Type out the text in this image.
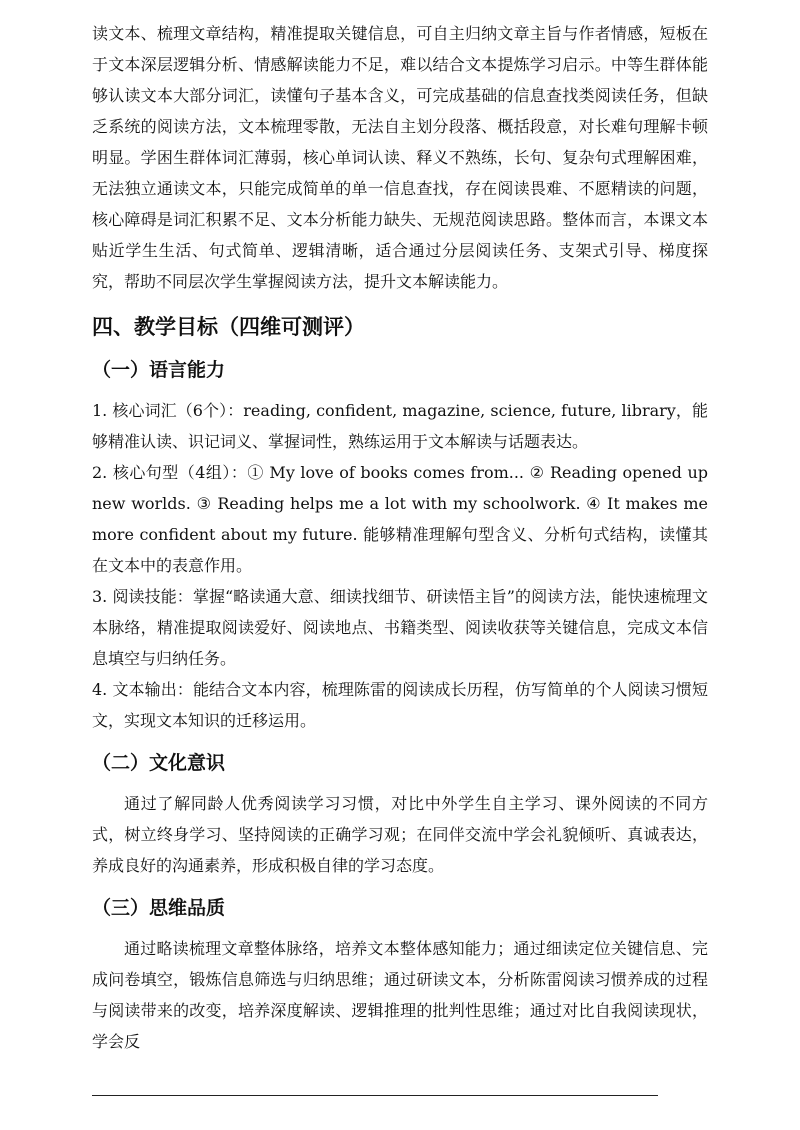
读文本、梳理文章结构，精准提取关键信息，可自主归纳文章主旨与作者情感，短板在于文本深层逻辑分析、情感解读能力不足，难以结合文本提炼学习启示。中等生群体能够认读文本大部分词汇，读懂句子基本含义，可完成基础的信息查找类阅读任务，但缺乏系统的阅读方法，文本梳理零散，无法自主划分段落、概括段意，对长难句理解卡顿明显。学困生群体词汇薄弱，核心单词认读、释义不熟练，长句、复杂句式理解困难，无法独立通读文本，只能完成简单的单一信息查找，存在阅读畏难、不愿精读的问题，核心障碍是词汇积累不足、文本分析能力缺失、无规范阅读思路。整体而言，本课文本贴近学生生活、句式简单、逻辑清晰，适合通过分层阅读任务、支架式引导、梯度探究，帮助不同层次学生掌握阅读方法，提升文本解读能力。

四、教学目标（四维可测评）
（一）语言能力

1. 核心词汇（6个）：reading, confident, magazine, science, future, library，能够精准认读、识记词义、掌握词性，熟练运用于文本解读与话题表达。

2. 核心句型（4组）：① My love of books comes from... ② Reading opened up new worlds. ③ Reading helps me a lot with my schoolwork. ④ It makes me more confident about my future. 能够精准理解句型含义、分析句式结构，读懂其在文本中的表意作用。

3. 阅读技能：掌握“略读通大意、细读找细节、研读悟主旨”的阅读方法，能快速梳理文本脉络，精准提取阅读爱好、阅读地点、书籍类型、阅读收获等关键信息，完成文本信息填空与归纳任务。

4. 文本输出：能结合文本内容，梳理陈雷的阅读成长历程，仿写简单的个人阅读习惯短文，实现文本知识的迁移运用。

（二）文化意识

通过了解同龄人优秀阅读学习习惯，对比中外学生自主学习、课外阅读的不同方式，树立终身学习、坚持阅读的正确学习观；在同伴交流中学会礼貌倾听、真诚表达，养成良好的沟通素养，形成积极自律的学习态度。

（三）思维品质

通过略读梳理文章整体脉络，培养文本整体感知能力；通过细读定位关键信息、完成问卷填空，锻炼信息筛选与归纳思维；通过研读文本，分析陈雷阅读习惯养成的过程与阅读带来的改变，培养深度解读、逻辑推理的批判性思维；通过对比自我阅读现状，学会反
